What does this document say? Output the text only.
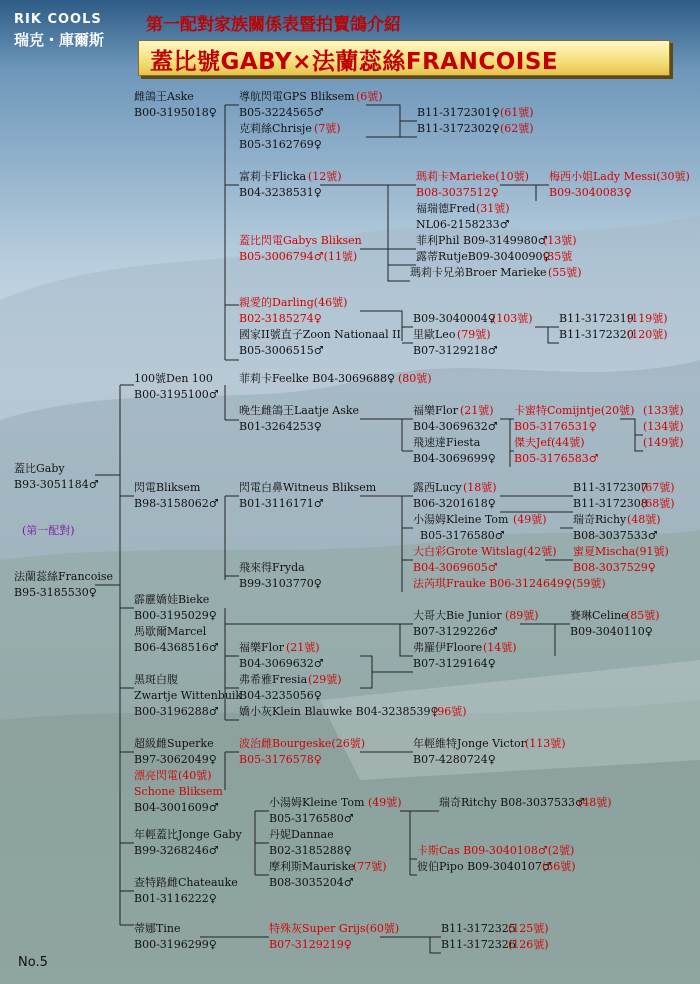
RIK COOLS
瑞克・庫爾斯
第一配對家族關係表暨拍賣鴿介紹
蓋比號GABY×法蘭蕊絲FRANCOISE
雌鴿王Aske
B00-3195018♀
導航閃電GPS Bliksem (6號)
B05-3224565♂
克莉絲Chrisje (7號)
B05-3162769♀
B11-3172301♀ (61號)
B11-3172302♀ (62號)
富莉卡Flicka (12號)
B04-3238531♀
瑪莉卡Marieke(10號)
B08-3037512♀
梅西小姐Lady Messi(30號)
B09-3040083♀
福瑞德Fred (31號)
NL06-2158233♂
蓋比閃電Gabys Bliksen
B05-3006794♂(11號)
菲利Phil B09-3149980♂
(13號)
露蒂RutjeB09-3040090♀
(35號
瑪莉卡兄弟Broer Marieke (55號)
親愛的Darling(46號)
B02-3185274♀
國家II號直子Zoon Nationaal II
B05-3006515♂
B09-3040004♀
(103號)
里歐Leo (79號)
B07-3129218♂
B11-3172319
(119號)
B11-3172320
(120號)
100號Den 100
B00-3195100♂
菲莉卡Feelke B04-3069688♀ (80號)
晚生雌鴿王Laatje Aske
B01-3264253♀
福樂Flor (21號)
B04-3069632♂
飛速達Fiesta
B04-3069699♀
卡蜜特Comijntje(20號)
B05-3176531♀
傑夫Jef(44號)
B05-3176583♂
(133號)
(134號)
(149號)
蓋比Gaby
B93-3051184♂
(第一配對)
法蘭蕊絲Francoise
B95-3185530♀
閃電Bliksem
B98-3158062♂
閃電白鼻Witneus Bliksem
B01-3116171♂
露西Lucy (18號)
B06-3201618♀
B11-3172307
(67號)
B11-3172308
(68號)
小湯姆Kleine Tom (49號)
B05-3176580♂
瑞奇Richy (48號)
B08-3037533♂
大白彩Grote Witslag(42號)
B04-3069605♂
蜜夏Mischa(91號)
B08-3037529♀
法芮琪Frauke B06-3124649♀(59號)
飛來得Fryda
B99-3103770♀
霹靂嬌娃Bieke
B00-3195029♀
馬歇爾Marcel
B06-4368516♂
大哥大Bie Junior (89號)
B07-3129226♂
弗羅伊Floore (14號)
B07-3129164♀
賽琳Celine
(85號)
B09-3040110♀
福樂Flor (21號)
B04-3069632♂
弗希雅Fresia (29號)
B04-3235056♀
黑斑白腹
Zwartje Wittenbuik
B00-3196288♂ 嬌小灰Klein Blauwke B04-3238539♀
(96號)
超級雌Superke
B97-3062049♀
漂亮閃電(40號)
Schone Bliksem
B04-3001609♂
波治雌Bourgeske(26號)
B05-3176578♀
年輕維特Jonge Victor (113號)
B07-4280724♀
小湯姆Kleine Tom (49號)
B05-3176580♂
瑞奇Ritchy B08-3037533♂
(48號)
年輕蓋比Jonge Gaby
B99-3268246♂
丹妮Dannae
B02-3185288♀
摩利斯Mauriske
(77號)
B08-3035204♂
卡斯Cas B09-3040108♂(2號)
彼伯Pipo B09-3040107♂
(56號)
查特路雌Chateauke
B01-3116222♀
蒂娜Tine
B00-3196299♀
特殊灰Super Grijs(60號)
B07-3129219♀
B11-3172325
(125號)
B11-3172326
(126號)
No.5
